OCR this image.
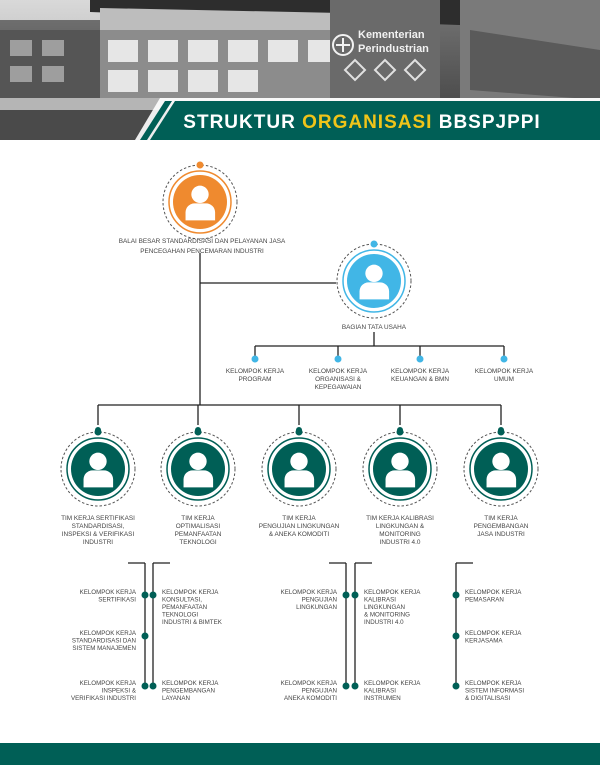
Kementerian
Perindustrian
STRUKTUR ORGANISASI BBSPJPPI
BALAI BESAR STANDARDISASI DAN PELAYANAN JASA PENCEGAHAN PENCEMARAN INDUSTRI
BAGIAN TATA USAHA
KELOMPOK KERJA PROGRAM
KELOMPOK KERJA ORGANISASI & KEPEGAWAIAN
KELOMPOK KERJA KEUANGAN & BMN
KELOMPOK KERJA UMUM
TIM KERJA SERTIFIKASI STANDARDISASI, INSPEKSI & VERIFIKASI INDUSTRI
KELOMPOK KERJA SERTIFIKASI
KELOMPOK KERJA STANDARDISASI DAN SISTEM MANAJEMEN
KELOMPOK KERJA INSPEKSI & VERIFIKASI INDUSTRI
TIM KERJA OPTIMALISASI PEMANFAATAN TEKNOLOGI
KELOMPOK KERJA KONSULTASI, PEMANFAATAN TEKNOLOGI INDUSTRI & BIMTEK
KELOMPOK KERJA PENGEMBANGAN LAYANAN
TIM KERJA PENGUJIAN LINGKUNGAN & ANEKA KOMODITI
KELOMPOK KERJA PENGUJIAN LINGKUNGAN
KELOMPOK KERJA PENGUJIAN ANEKA KOMODITI
TIM KERJA KALIBRASI LINGKUNGAN & MONITORING INDUSTRI 4.0
KELOMPOK KERJA KALIBRASI LINGKUNGAN & MONITORING INDUSTRI 4.0
KELOMPOK KERJA KALIBRASI INSTRUMEN
TIM KERJA PENGEMBANGAN JASA INDUSTRI
KELOMPOK KERJA PEMASARAN
KELOMPOK KERJA KERJASAMA
KELOMPOK KERJA SISTEM INFORMASI & DIGITALISASI
